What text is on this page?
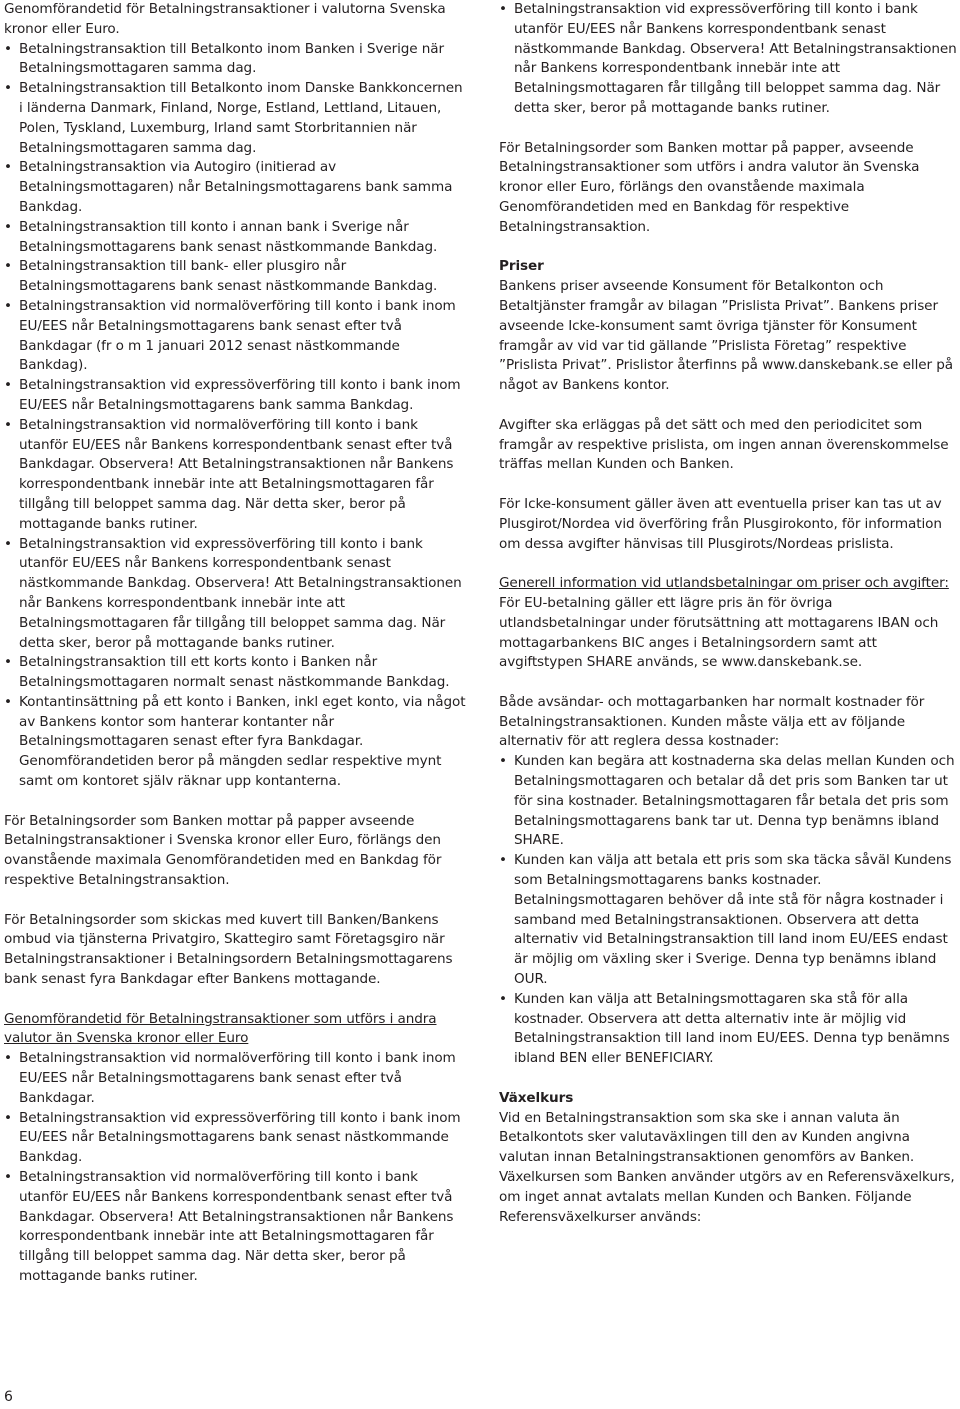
Genomförandetid för Betalningstransaktioner i valutorna Svenska kronor eller Euro.

• Betalningstransaktion till Betalkonto inom Banken i Sverige när Betalningsmottagaren samma dag.
• Betalningstransaktion till Betalkonto inom Danske Bankkoncernen i länderna Danmark, Finland, Norge, Estland, Lettland, Litauen, Polen, Tyskland, Luxemburg, Irland samt Storbritannien när Betalningsmottagaren samma dag.
• Betalningstransaktion via Autogiro (initierad av Betalningsmottagaren) når Betalningsmottagarens bank samma Bankdag.
• Betalningstransaktion till konto i annan bank i Sverige når Betalningsmottagarens bank senast nästkommande Bankdag.
• Betalningstransaktion till bank- eller plusgiro når Betalningsmottagarens bank senast nästkommande Bankdag.
• Betalningstransaktion vid normalöverföring till konto i bank inom EU/EES når Betalningsmottagarens bank senast efter två Bankdagar (fr o m 1 januari 2012 senast nästkommande Bankdag).
• Betalningstransaktion vid expressöverföring till konto i bank inom EU/EES når Betalningsmottagarens bank samma Bankdag.
• Betalningstransaktion vid normalöverföring till konto i bank utanför EU/EES når Bankens korrespondentbank senast efter två Bankdagar. Observera! Att Betalningstransaktionen når Bankens korrespondentbank innebär inte att Betalningsmottagaren får tillgång till beloppet samma dag. När detta sker, beror på mottagande banks rutiner.
• Betalningstransaktion vid expressöverföring till konto i bank utanför EU/EES når Bankens korrespondentbank senast nästkommande Bankdag. Observera! Att Betalningstransaktionen når Bankens korrespondentbank innebär inte att Betalningsmottagaren får tillgång till beloppet samma dag. När detta sker, beror på mottagande banks rutiner.
• Betalningstransaktion till ett korts konto i Banken når Betalningsmottagaren normalt senast nästkommande Bankdag.
• Kontantinsättning på ett konto i Banken, inkl eget konto, via något av Bankens kontor som hanterar kontanter når Betalningsmottagaren senast efter fyra Bankdagar. Genomförandetiden beror på mängden sedlar respektive mynt samt om kontoret själv räknar upp kontanterna.

För Betalningsorder som Banken mottar på papper avseende Betalningstransaktioner i Svenska kronor eller Euro, förlängs den ovanstående maximala Genomförandetiden med en Bankdag för respektive Betalningstransaktion.

För Betalningsorder som skickas med kuvert till Banken/Bankens ombud via tjänsterna Privatgiro, Skattegiro samt Företagsgiro när Betalningstransaktioner i Betalningsordern Betalningsmottagarens bank senast fyra Bankdagar efter Bankens mottagande.

Genomförandetid för Betalningstransaktioner som utförs i andra valutor än Svenska kronor eller Euro

• Betalningstransaktion vid normalöverföring till konto i bank inom EU/EES når Betalningsmottagarens bank senast efter två Bankdagar.
• Betalningstransaktion vid expressöverföring till konto i bank inom EU/EES når Betalningsmottagarens bank senast nästkommande Bankdag.
• Betalningstransaktion vid normalöverföring till konto i bank utanför EU/EES når Bankens korrespondentbank senast efter två Bankdagar. Observera! Att Betalningstransaktionen når Bankens korrespondentbank innebär inte att Betalningsmottagaren får tillgång till beloppet samma dag. När detta sker, beror på mottagande banks rutiner.
• Betalningstransaktion vid expressöverföring till konto i bank utanför EU/EES når Bankens korrespondentbank senast nästkommande Bankdag. Observera! Att Betalningstransaktionen når Bankens korrespondentbank innebär inte att Betalningsmottagaren får tillgång till beloppet samma dag. När detta sker, beror på mottagande banks rutiner.

För Betalningsorder som Banken mottar på papper, avseende Betalningstransaktioner som utförs i andra valutor än Svenska kronor eller Euro, förlängs den ovanstående maximala Genomförandetiden med en Bankdag för respektive Betalningstransaktion.

Priser

Bankens priser avseende Konsument för Betalkonton och Betaltjänster framgår av bilagan ”Prislista Privat”. Bankens priser avseende Icke-konsument samt övriga tjänster för Konsument framgår av vid var tid gällande ”Prislista Företag” respektive ”Prislista Privat”. Prislistor återfinns på www.danskebank.se eller på något av Bankens kontor.

Avgifter ska erläggas på det sätt och med den periodicitet som framgår av respektive prislista, om ingen annan överenskommelse träffas mellan Kunden och Banken.

För Icke-konsument gäller även att eventuella priser kan tas ut av Plusgirot/Nordea vid överföring från Plusgirokonto, för information om dessa avgifter hänvisas till Plusgirots/Nordeas prislista.

Generell information vid utlandsbetalningar om priser och avgifter:

För EU-betalning gäller ett lägre pris än för övriga utlandsbetalningar under förutsättning att mottagarens IBAN och mottagarbankens BIC anges i Betalningsordern samt att avgiftstypen SHARE används, se www.danskebank.se.

Både avsändar- och mottagarbanken har normalt kostnader för Betalningstransaktionen. Kunden måste välja ett av följande alternativ för att reglera dessa kostnader:

• Kunden kan begära att kostnaderna ska delas mellan Kunden och Betalningsmottagaren och betalar då det pris som Banken tar ut för sina kostnader. Betalningsmottagaren får betala det pris som Betalningsmottagarens bank tar ut. Denna typ benämns ibland SHARE.
• Kunden kan välja att betala ett pris som ska täcka såväl Kundens som Betalningsmottagarens banks kostnader. Betalningsmottagaren behöver då inte stå för några kostnader i samband med Betalningstransaktionen. Observera att detta alternativ vid Betalningstransaktion till land inom EU/EES endast är möjlig om växling sker i Sverige. Denna typ benämns ibland OUR.
• Kunden kan välja att Betalningsmottagaren ska stå för alla kostnader. Observera att detta alternativ inte är möjlig vid Betalningstransaktion till land inom EU/EES. Denna typ benämns ibland BEN eller BENEFICIARY.

Växelkurs

Vid en Betalningstransaktion som ska ske i annan valuta än Betalkontots sker valutaväxlingen till den av Kunden angivna valutan innan Betalningstransaktionen genomförs av Banken. Växelkursen som Banken använder utgörs av en Referensväxelkurs, om inget annat avtalats mellan Kunden och Banken. Följande Referensväxelkurser används:

6
